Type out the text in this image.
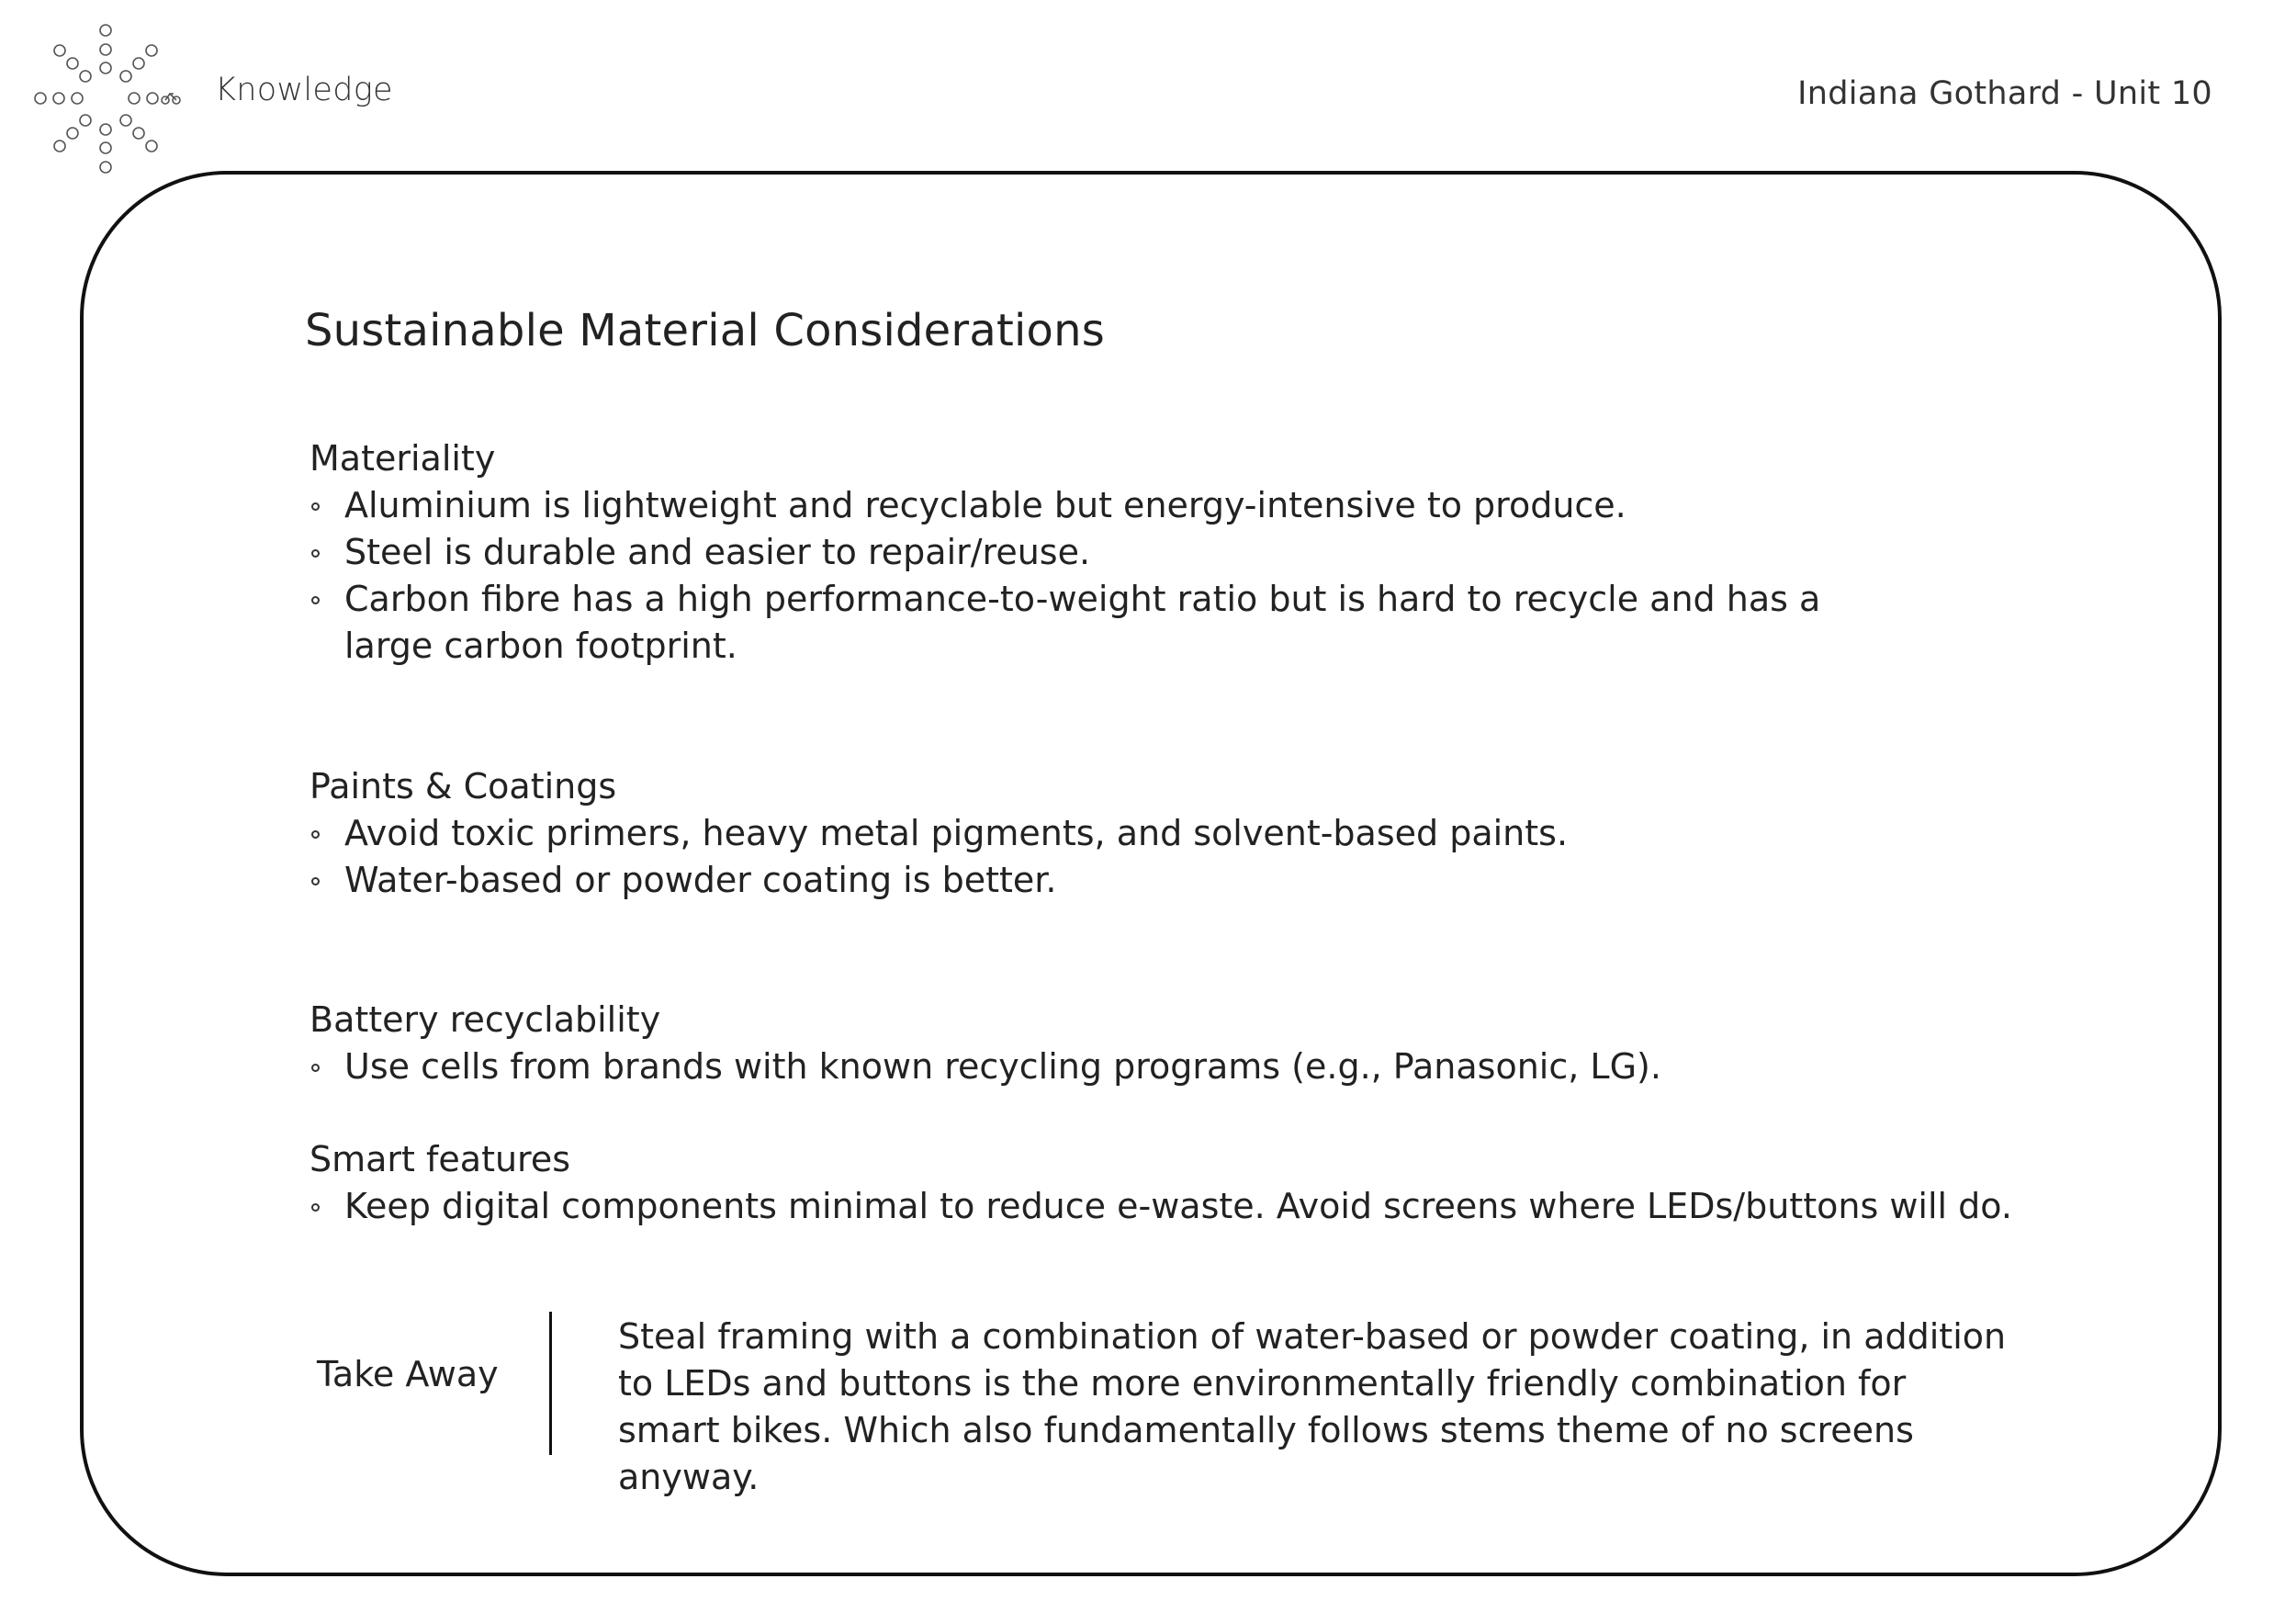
Knowledge	Indiana Gothard - Unit 10
Sustainable Material Considerations
Materiality
Aluminium is lightweight and recyclable but energy-intensive to produce.
Steel is durable and easier to repair/reuse.
Carbon fibre has a high performance-to-weight ratio but is hard to recycle and has a large carbon footprint.
Paints & Coatings
Avoid toxic primers, heavy metal pigments, and solvent-based paints.
Water-based or powder coating is better.
Battery recyclability
Use cells from brands with known recycling programs (e.g., Panasonic, LG).
Smart features
Keep digital components minimal to reduce e-waste. Avoid screens where LEDs/buttons will do.
Take Away
Steal framing with a combination of water-based or powder coating, in addition to LEDs and buttons is the more environmentally friendly combination for smart bikes. Which also fundamentally follows stems theme of no screens anyway.
